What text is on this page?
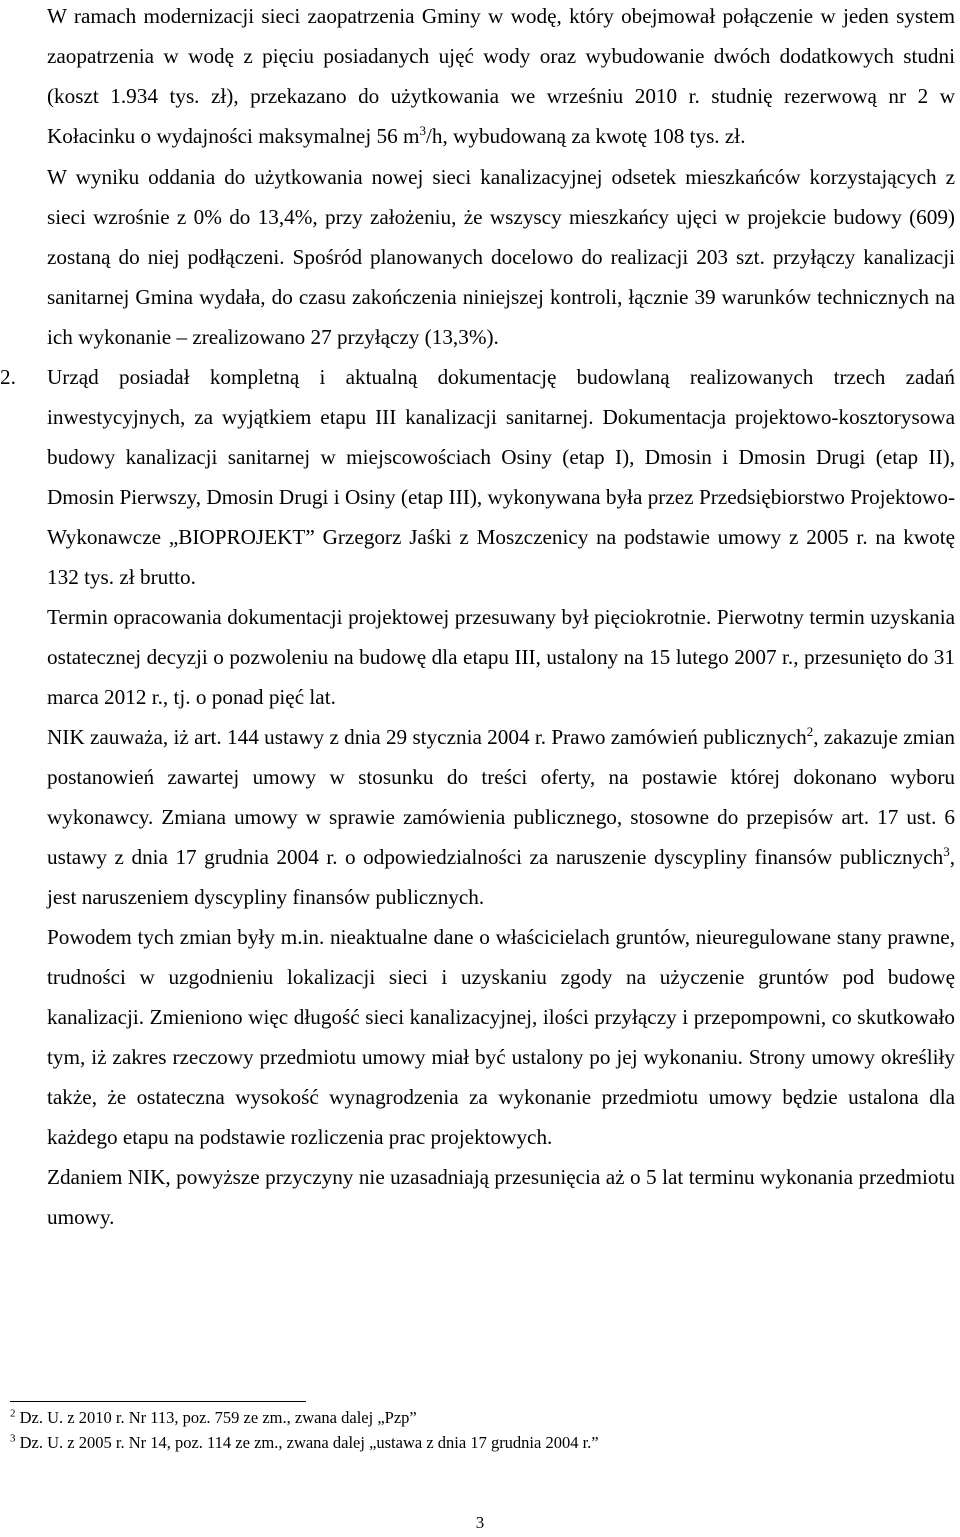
W ramach modernizacji sieci zaopatrzenia Gminy w wodę, który obejmował połączenie w jeden system zaopatrzenia w wodę z pięciu posiadanych ujęć wody oraz wybudowanie dwóch dodatkowych studni (koszt 1.934 tys. zł), przekazano do użytkowania we wrześniu 2010 r. studnię rezerwową nr 2 w Kołacinku o wydajności maksymalnej 56 $m^3/h$, wybudowaną za kwotę 108 tys. zł.

W wyniku oddania do użytkowania nowej sieci kanalizacyjnej odsetek mieszkańców korzystających z sieci wzrośnie z 0% do 13,4%, przy założeniu, że wszyscy mieszkańcy ujęci w projekcie budowy (609) zostaną do niej podłączeni. Spośród planowanych docelowo do realizacji 203 szt. przyłączy kanalizacji sanitarnej Gmina wydała, do czasu zakończenia niniejszej kontroli, łącznie 39 warunków technicznych na ich wykonanie – zrealizowano 27 przyłączy (13,3%).

2. Urząd posiadał kompletną i aktualną dokumentację budowlaną realizowanych trzech zadań inwestycyjnych, za wyjątkiem etapu III kanalizacji sanitarnej. Dokumentacja projektowo-kosztorysowa budowy kanalizacji sanitarnej w miejscowościach Osiny (etap I), Dmosin i Dmosin Drugi (etap II), Dmosin Pierwszy, Dmosin Drugi i Osiny (etap III), wykonywana była przez Przedsiębiorstwo Projektowo-Wykonawcze „BIOPROJEKT” Grzegorz Jaśki z Moszczenicy na podstawie umowy z 2005 r. na kwotę 132 tys. zł brutto.

Termin opracowania dokumentacji projektowej przesuwany był pięciokrotnie. Pierwotny termin uzyskania ostatecznej decyzji o pozwoleniu na budowę dla etapu III, ustalony na 15 lutego 2007 r., przesunięto do 31 marca 2012 r., tj. o ponad pięć lat.

NIK zauważa, iż art. 144 ustawy z dnia 29 stycznia 2004 r. Prawo zamówień publicznych$^2$, zakazuje zmian postanowień zawartej umowy w stosunku do treści oferty, na postawie której dokonano wyboru wykonawcy. Zmiana umowy w sprawie zamówienia publicznego, stosowne do przepisów art. 17 ust. 6 ustawy z dnia 17 grudnia 2004 r. o odpowiedzialności za naruszenie dyscypliny finansów publicznych$^3$, jest naruszeniem dyscypliny finansów publicznych.

Powodem tych zmian były m.in. nieaktualne dane o właścicielach gruntów, nieuregulowane stany prawne, trudności w uzgodnieniu lokalizacji sieci i uzyskaniu zgody na użyczenie gruntów pod budowę kanalizacji. Zmieniono więc długość sieci kanalizacyjnej, ilości przyłączy i przepompowni, co skutkowało tym, iż zakres rzeczowy przedmiotu umowy miał być ustalony po jej wykonaniu. Strony umowy określiły także, że ostateczna wysokość wynagrodzenia za wykonanie przedmiotu umowy będzie ustalona dla każdego etapu na podstawie rozliczenia prac projektowych.

Zdaniem NIK, powyższe przyczyny nie uzasadniają przesunięcia aż o 5 lat terminu wykonania przedmiotu umowy.

$^2$ Dz. U. z 2010 r. Nr 113, poz. 759 ze zm., zwana dalej „Pzp”
$^3$ Dz. U. z 2005 r. Nr 14, poz. 114 ze zm., zwana dalej „ustawa z dnia 17 grudnia 2004 r.”
3
